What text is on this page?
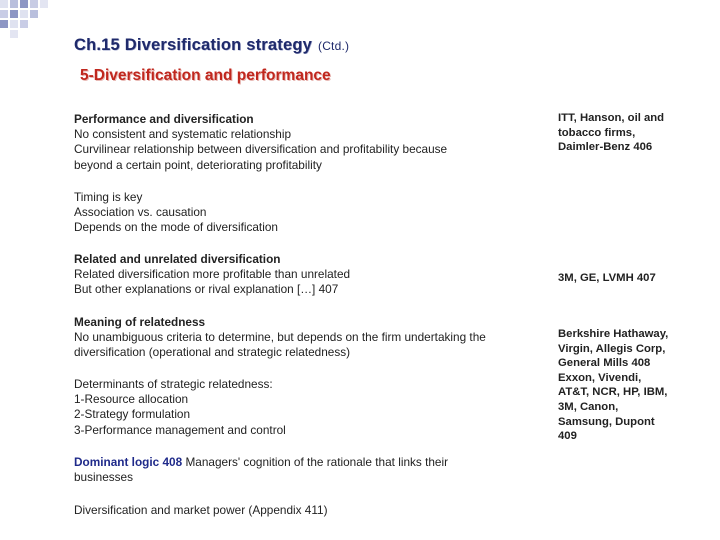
Ch.15 Diversification strategy (Ctd.)
5-Diversification and performance
Performance and diversification
No consistent and systematic relationship
Curvilinear relationship between diversification and profitability because
beyond a certain point, deteriorating profitability
Timing is key
Association vs. causation
Depends on the mode of diversification
Related and unrelated diversification
Related diversification more profitable than unrelated
But other explanations or rival explanation […] 407
Meaning of relatedness
No unambiguous criteria to determine, but depends on the firm undertaking the diversification (operational and strategic relatedness)
Determinants of strategic relatedness:
1-Resource allocation
2-Strategy formulation
3-Performance management and control
Dominant logic 408 Managers' cognition of the rationale that links their businesses
Diversification and market power (Appendix 411)
ITT, Hanson, oil and tobacco firms, Daimler-Benz 406
3M, GE, LVMH 407
Berkshire Hathaway, Virgin, Allegis Corp, General Mills 408 Exxon, Vivendi, AT&T, NCR, HP, IBM, 3M, Canon, Samsung, Dupont 409
